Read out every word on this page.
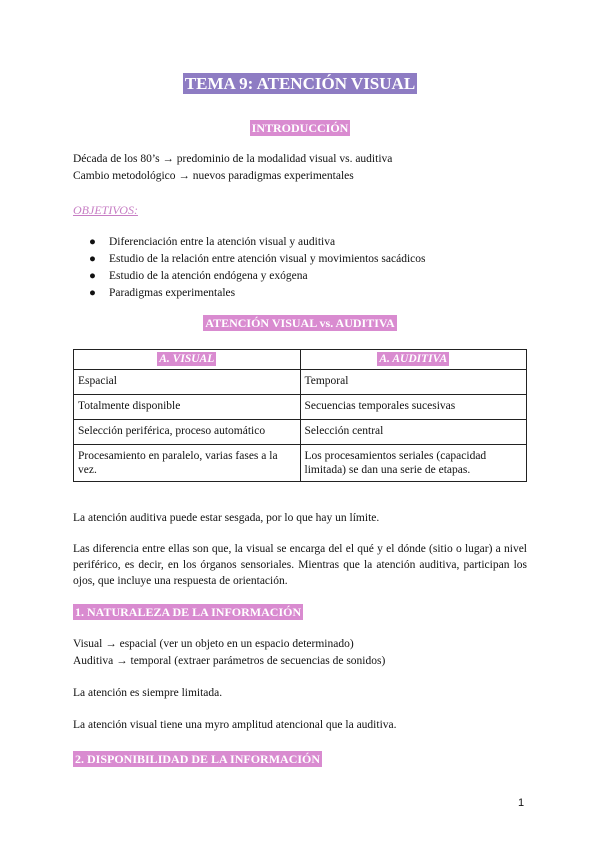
TEMA 9: ATENCIÓN VISUAL
INTRODUCCIÓN
Década de los 80’s → predominio de la modalidad visual vs. auditiva
Cambio metodológico → nuevos paradigmas experimentales
OBJETIVOS:
● Diferenciación entre la atención visual y auditiva
● Estudio de la relación entre atención visual y movimientos sacádicos
● Estudio de la atención endógena y exógena
● Paradigmas experimentales
ATENCIÓN VISUAL vs. AUDITIVA
A. VISUAL	A. AUDITIVA
Espacial	Temporal
Totalmente disponible	Secuencias temporales sucesivas
Selección periférica, proceso automático	Selección central
Procesamiento en paralelo, varias fases a la vez.	Los procesamientos seriales (capacidad limitada) se dan una serie de etapas.
La atención auditiva puede estar sesgada, por lo que hay un límite.
Las diferencia entre ellas son que, la visual se encarga del el qué y el dónde (sitio o lugar) a nivel periférico, es decir, en los órganos sensoriales. Mientras que la atención auditiva, participan los ojos, que incluye una respuesta de orientación.
1. NATURALEZA DE LA INFORMACIÓN
Visual → espacial (ver un objeto en un espacio determinado)
Auditiva → temporal (extraer parámetros de secuencias de sonidos)
La atención es siempre limitada.
La atención visual tiene una myro amplitud atencional que la auditiva.
2. DISPONIBILIDAD DE LA INFORMACIÓN
1
